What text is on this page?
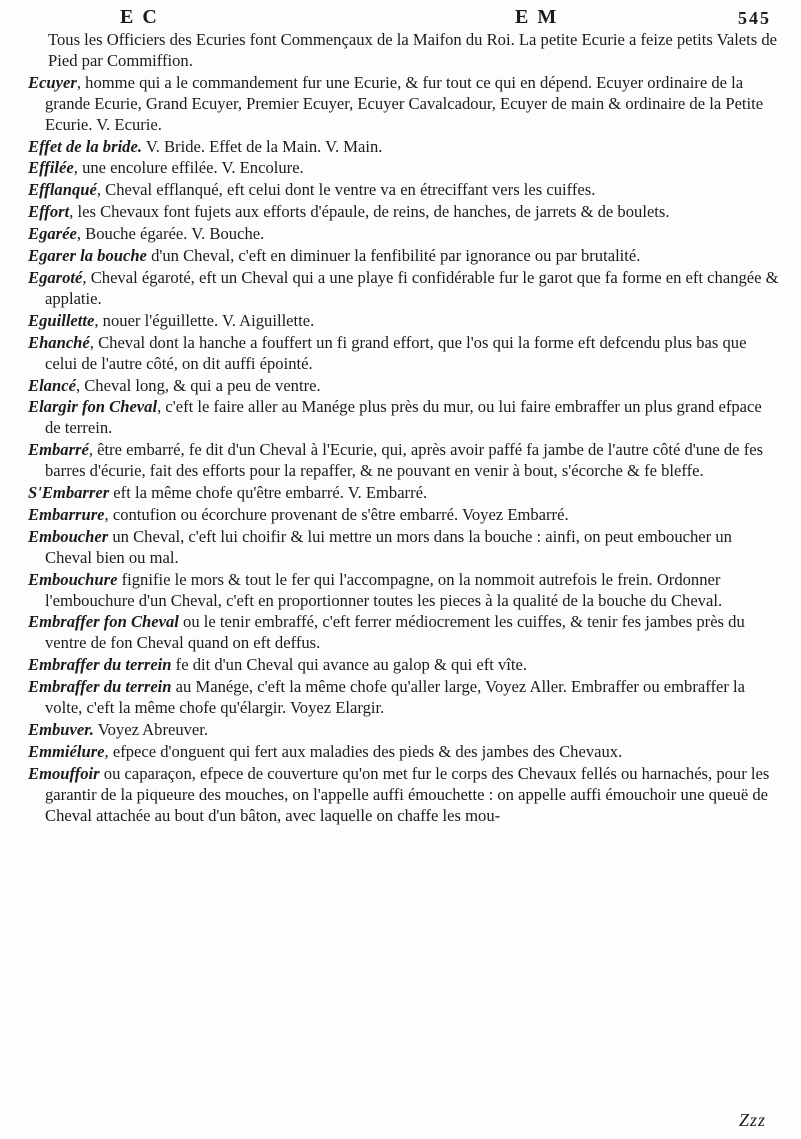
E C	E M	545

Tous les Officiers des Ecuries font Commençaux de la Maifon du Roi. La petite Ecurie a feize petits Valets de Pied par Commiffion.

Ecuyer, homme qui a le commandement fur une Ecurie, & fur tout ce qui en dépend. Ecuyer ordinaire de la grande Ecurie, Grand Ecuyer, Premier Ecuyer, Ecuyer Cavalcadour, Ecuyer de main & ordinaire de la Petite Ecurie. V. Ecurie.

Effet de la bride. V. Bride. Effet de la Main. V. Main.

Effilée, une encolure effilée. V. Encolure.

Efflanqué, Cheval efflanqué, eft celui dont le ventre va en étreciffant vers les cuiffes.

Effort, les Chevaux font fujets aux efforts d'épaule, de reins, de hanches, de jarrets & de boulets.

Egarée, Bouche égarée. V. Bouche.

Egarer la bouche d'un Cheval, c'eft en diminuer la fenfibilité par ignorance ou par brutalité.

Egaroté, Cheval égaroté, eft un Cheval qui a une playe fi confidérable fur le garot que fa forme en eft changée & applatie.

Eguillette, nouer l'éguillette. V. Aiguillette.

Ehanché, Cheval dont la hanche a fouffert un fi grand effort, que l'os qui la forme eft defcendu plus bas que celui de l'autre côté, on dit auffi épointé.

Elancé, Cheval long, & qui a peu de ventre.

Elargir fon Cheval, c'eft le faire aller au Manége plus près du mur, ou lui faire embraffer un plus grand efpace de terrein.

Embarré, être embarré, fe dit d'un Cheval à l'Ecurie, qui, après avoir paffé fa jambe de l'autre côté d'une de fes barres d'écurie, fait des efforts pour la repaffer, & ne pouvant en venir à bout, s'écorche & fe bleffe.

S'Embarrer eft la même chofe qu'être embarré. V. Embarré.

Embarrure, contufion ou écorchure provenant de s'être embarré. Voyez Embarré.

Emboucher un Cheval, c'eft lui choifir & lui mettre un mors dans la bouche : ainfi, on peut emboucher un Cheval bien ou mal.

Embouchure fignifie le mors & tout le fer qui l'accompagne, on la nommoit autrefois le frein. Ordonner l'embouchure d'un Cheval, c'eft en proportionner toutes les pieces à la qualité de la bouche du Cheval.

Embraffer fon Cheval ou le tenir embraffé, c'eft ferrer médiocrement les cuiffes, & tenir fes jambes près du ventre de fon Cheval quand on eft deffus.

Embraffer du terrein fe dit d'un Cheval qui avance au galop & qui eft vîte.

Embraffer du terrein au Manége, c'eft la même chofe qu'aller large, Voyez Aller. Embraffer ou embraffer la volte, c'eft la même chofe qu'élargir. Voyez Elargir.

Embuver. Voyez Abreuver.

Emmiélure, efpece d'onguent qui fert aux maladies des pieds & des jambes des Chevaux.

Emouffoir ou caparaçon, efpece de couverture qu'on met fur le corps des Chevaux fellés ou harnachés, pour les garantir de la piqueure des mouches, on l'appelle auffi émouchette : on appelle auffi émouchoir une queuë de Cheval attachée au bout d'un bâton, avec laquelle on chaffe les mou-

Zzz
